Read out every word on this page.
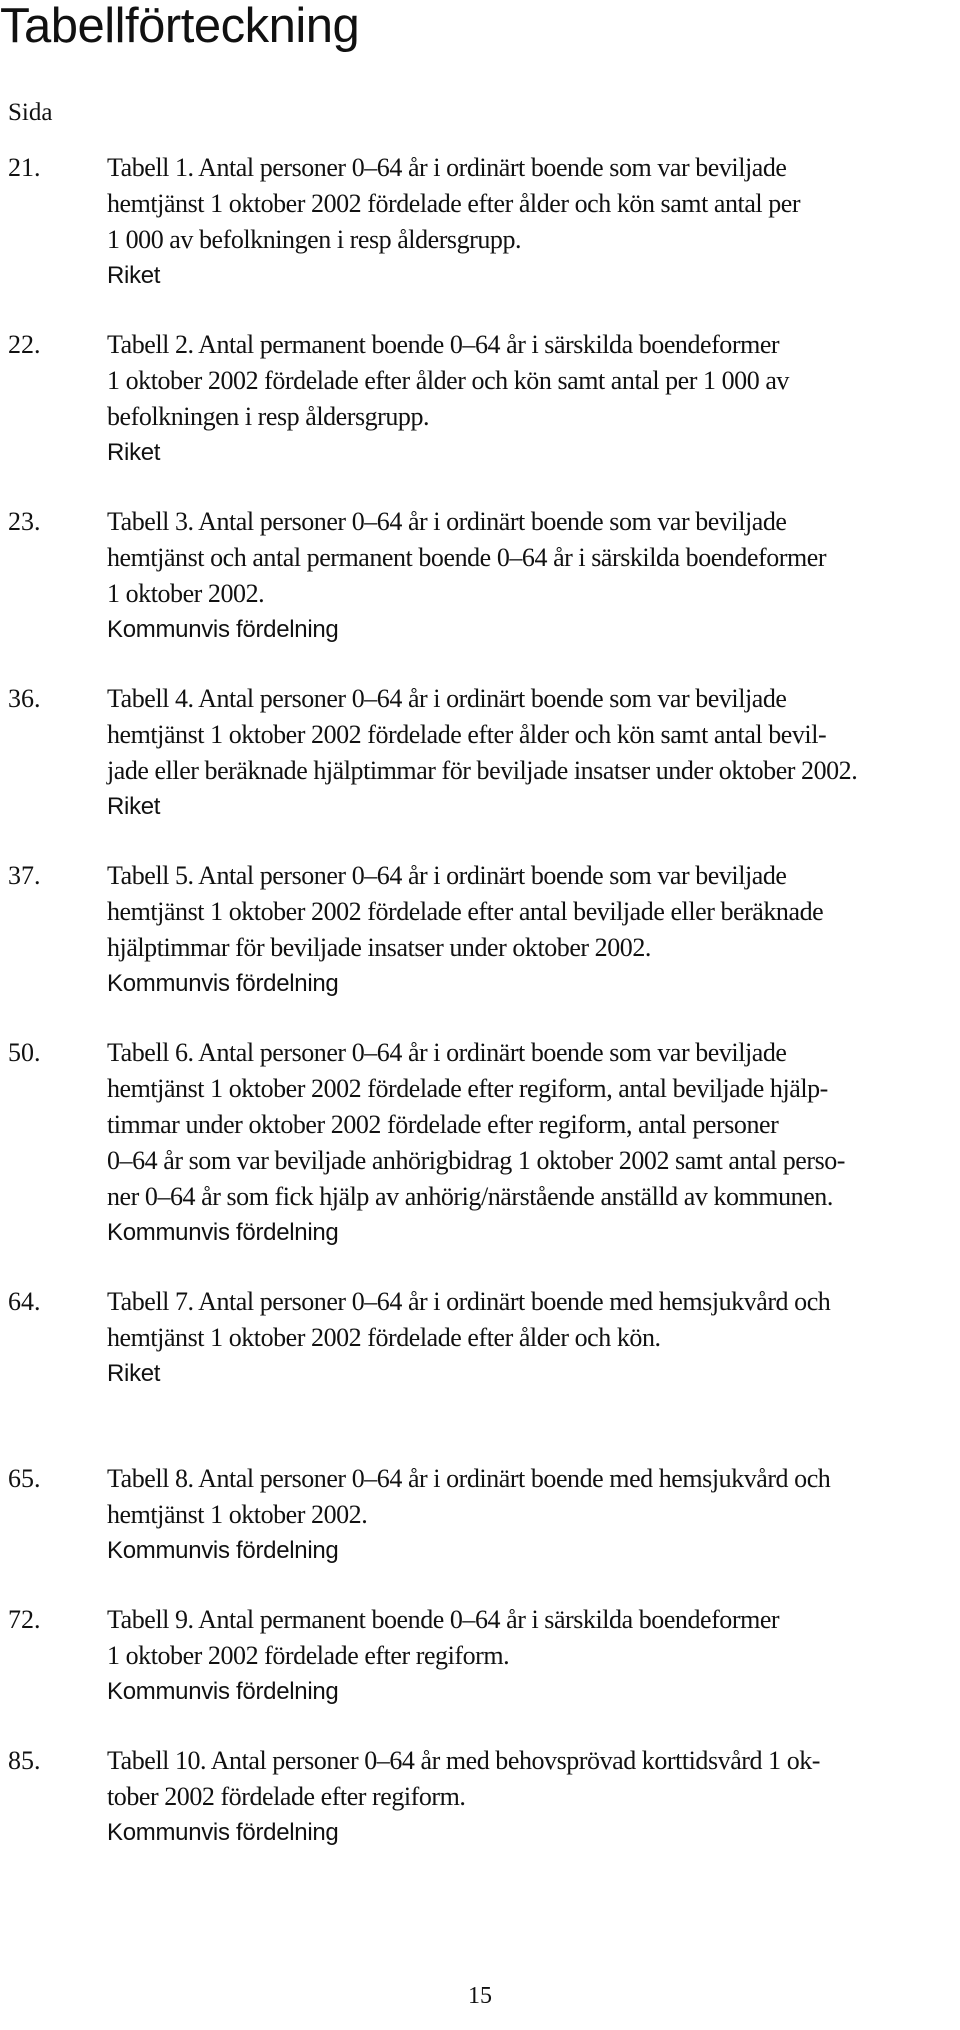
Tabellförteckning
Sida
21.	Tabell 1. Antal personer 0–64 år i ordinärt boende som var beviljade
hemtjänst 1 oktober 2002 fördelade efter ålder och kön samt antal per
1 000 av befolkningen i resp åldersgrupp.
Riket
22.	Tabell 2. Antal permanent boende 0–64 år i särskilda boendeformer
1 oktober 2002 fördelade efter ålder och kön samt antal per 1 000 av
befolkningen i resp åldersgrupp.
Riket
23.	Tabell 3. Antal personer 0–64 år i ordinärt boende som var beviljade
hemtjänst och antal permanent boende 0–64 år i särskilda boendeformer
1 oktober 2002.
Kommunvis fördelning
36.	Tabell 4. Antal personer 0–64 år i ordinärt boende som var beviljade
hemtjänst 1 oktober 2002 fördelade efter ålder och kön samt antal bevil-
jade eller beräknade hjälptimmar för beviljade insatser under oktober 2002.
Riket
37.	Tabell 5. Antal personer 0–64 år i ordinärt boende som var beviljade
hemtjänst 1 oktober 2002 fördelade efter antal beviljade eller beräknade
hjälptimmar för beviljade insatser under oktober 2002.
Kommunvis fördelning
50.	Tabell 6. Antal personer 0–64 år i ordinärt boende som var beviljade
hemtjänst 1 oktober 2002 fördelade efter regiform, antal beviljade hjälp-
timmar under oktober 2002 fördelade efter regiform, antal personer
0–64 år som var beviljade anhörigbidrag 1 oktober 2002 samt antal perso-
ner 0–64 år som fick hjälp av anhörig/närstående anställd av kommunen.
Kommunvis fördelning
64.	Tabell 7. Antal personer 0–64 år i ordinärt boende med hemsjukvård och
hemtjänst 1 oktober 2002 fördelade efter ålder och kön.
Riket
65.	Tabell 8. Antal personer 0–64 år i ordinärt boende med hemsjukvård och
hemtjänst 1 oktober 2002.
Kommunvis fördelning
72.	Tabell 9. Antal permanent boende 0–64 år i särskilda boendeformer
1 oktober 2002 fördelade efter regiform.
Kommunvis fördelning
85.	Tabell 10. Antal personer 0–64 år med behovsprövad korttidsvård 1 ok-
tober 2002 fördelade efter regiform.
Kommunvis fördelning
15
